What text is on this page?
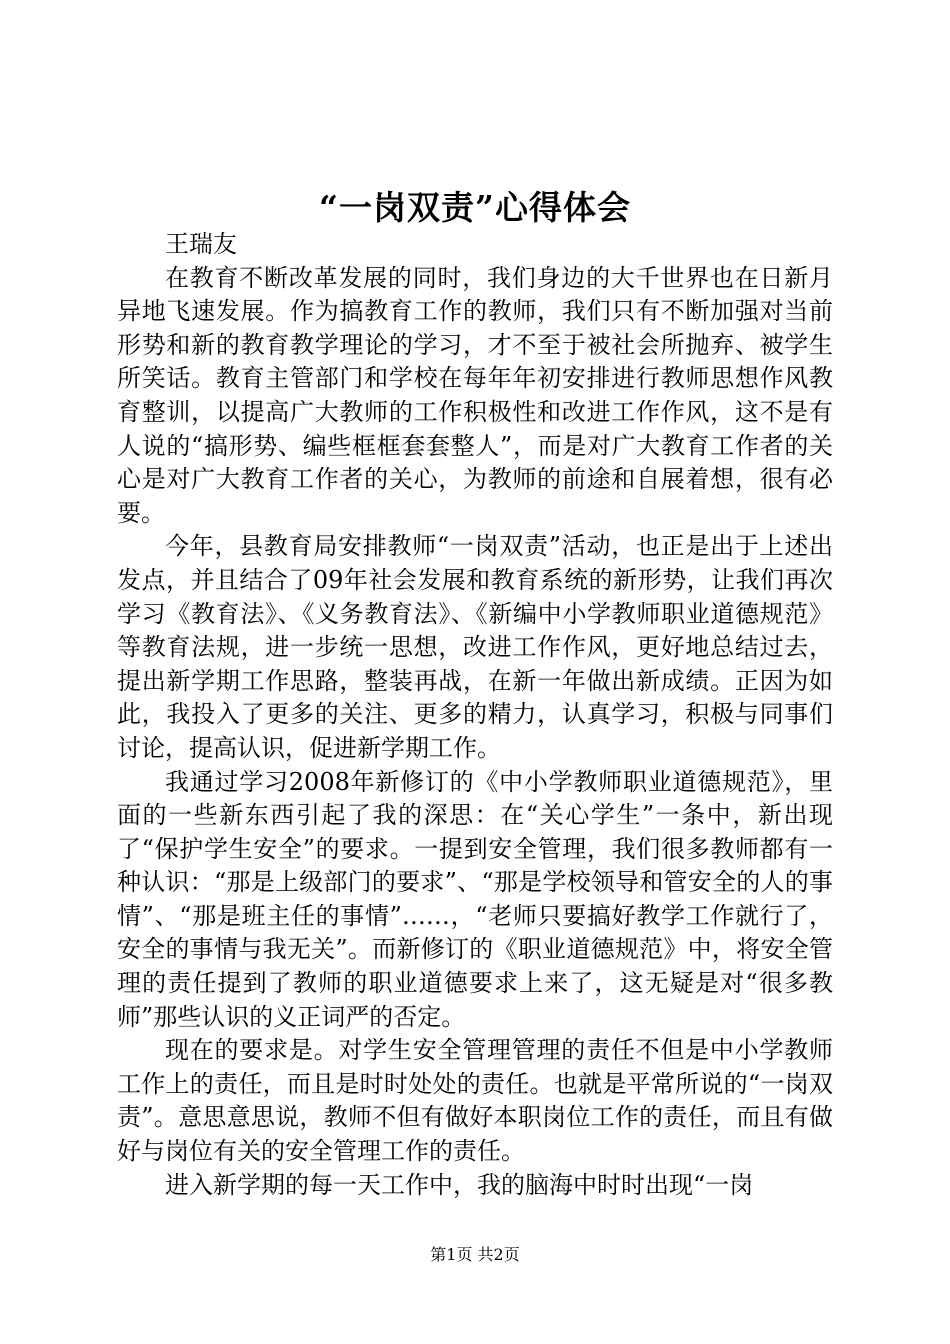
“一岗双责”心得体会

王瑞友

在教育不断改革发展的同时，我们身边的大千世界也在日新月异地飞速发展。作为搞教育工作的教师，我们只有不断加强对当前形势和新的教育教学理论的学习，才不至于被社会所抛弃、被学生所笑话。教育主管部门和学校在每年年初安排进行教师思想作风教育整训，以提高广大教师的工作积极性和改进工作作风，这不是有人说的“搞形势、编些框框套套整人”，而是对广大教育工作者的关心是对广大教育工作者的关心，为教师的前途和自展着想，很有必要。

今年，县教育局安排教师“一岗双责”活动，也正是出于上述出发点，并且结合了09年社会发展和教育系统的新形势，让我们再次学习《教育法》、《义务教育法》、《新编中小学教师职业道德规范》等教育法规，进一步统一思想，改进工作作风，更好地总结过去，提出新学期工作思路，整装再战，在新一年做出新成绩。正因为如此，我投入了更多的关注、更多的精力，认真学习，积极与同事们讨论，提高认识，促进新学期工作。

我通过学习2008年新修订的《中小学教师职业道德规范》，里面的一些新东西引起了我的深思：在“关心学生”一条中，新出现了“保护学生安全”的要求。一提到安全管理，我们很多教师都有一种认识：“那是上级部门的要求”、“那是学校领导和管安全的人的事情”、“那是班主任的事情”……，“老师只要搞好教学工作就行了，安全的事情与我无关”。而新修订的《职业道德规范》中，将安全管理的责任提到了教师的职业道德要求上来了，这无疑是对“很多教师”那些认识的义正词严的否定。

现在的要求是。对学生安全管理管理的责任不但是中小学教师工作上的责任，而且是时时处处的责任。也就是平常所说的“一岗双责”。意思意思说，教师不但有做好本职岗位工作的责任，而且有做好与岗位有关的安全管理工作的责任。

进入新学期的每一天工作中，我的脑海中时时出现“一岗

第1页 共2页
